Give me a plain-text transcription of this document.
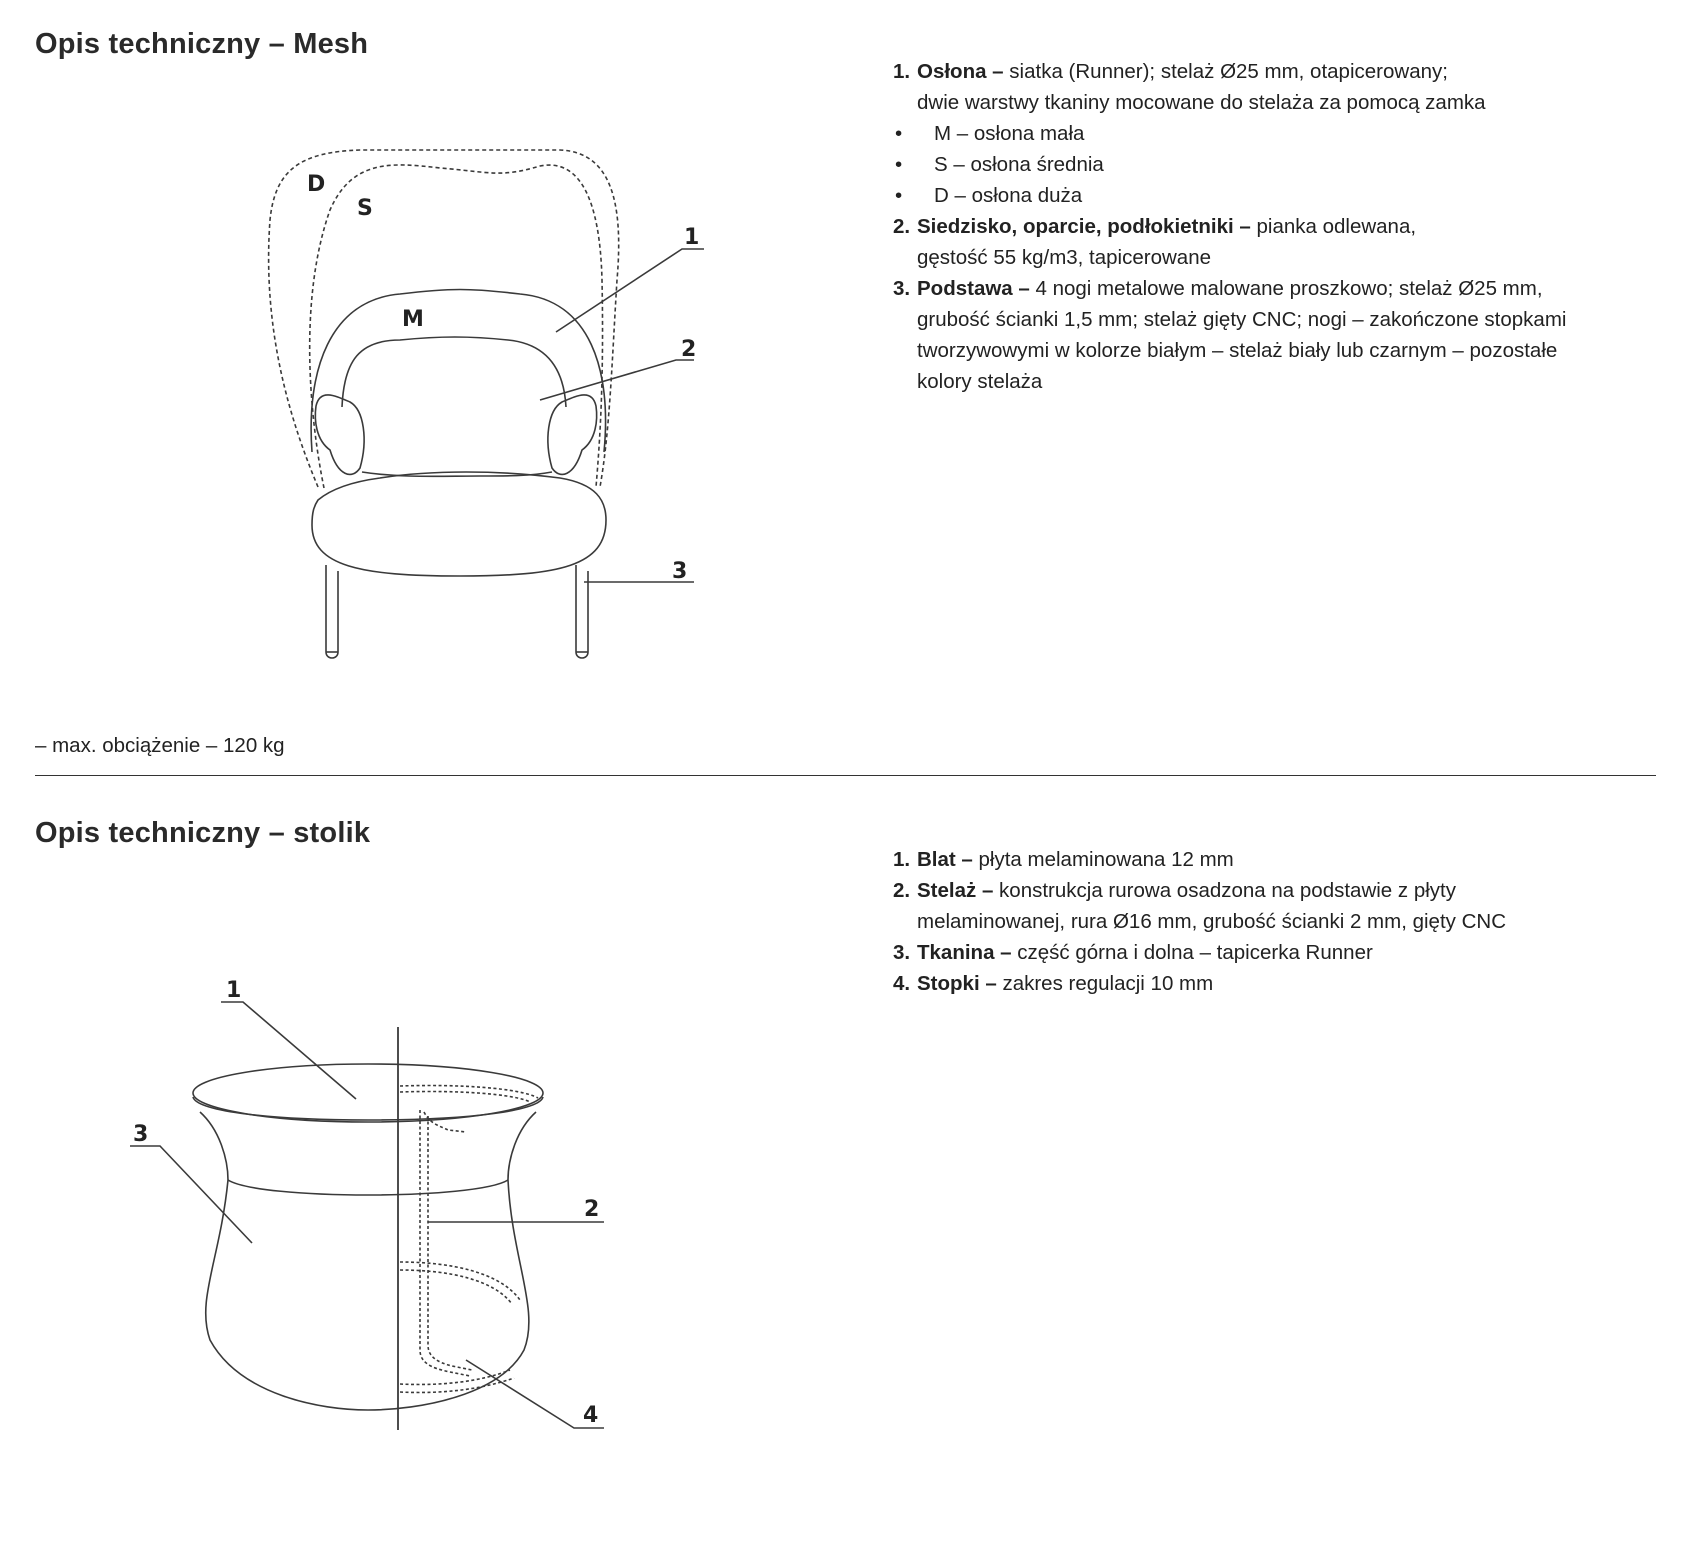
Opis techniczny – Mesh
1. Osłona – siatka (Runner); stelaż Ø25 mm, otapicerowany;
dwie warstwy tkaniny mocowane do stelaża za pomocą zamka
• M – osłona mała
• S – osłona średnia
• D – osłona duża
2. Siedzisko, oparcie, podłokietniki – pianka odlewana,
gęstość 55 kg/m3, tapicerowane
3. Podstawa – 4 nogi metalowe malowane proszkowo; stelaż Ø25 mm,
grubość ścianki 1,5 mm; stelaż gięty CNC; nogi – zakończone stopkami
tworzywowymi w kolorze białym – stelaż biały lub czarnym – pozostałe
kolory stelaża
D
S
M
1
2
3
– max. obciążenie – 120 kg
Opis techniczny – stolik
1. Blat – płyta melaminowana 12 mm
2. Stelaż – konstrukcja rurowa osadzona na podstawie z płyty
melaminowanej, rura Ø16 mm, grubość ścianki 2 mm, gięty CNC
3. Tkanina – część górna i dolna – tapicerka Runner
4. Stopki – zakres regulacji 10 mm
1
2
3
4
